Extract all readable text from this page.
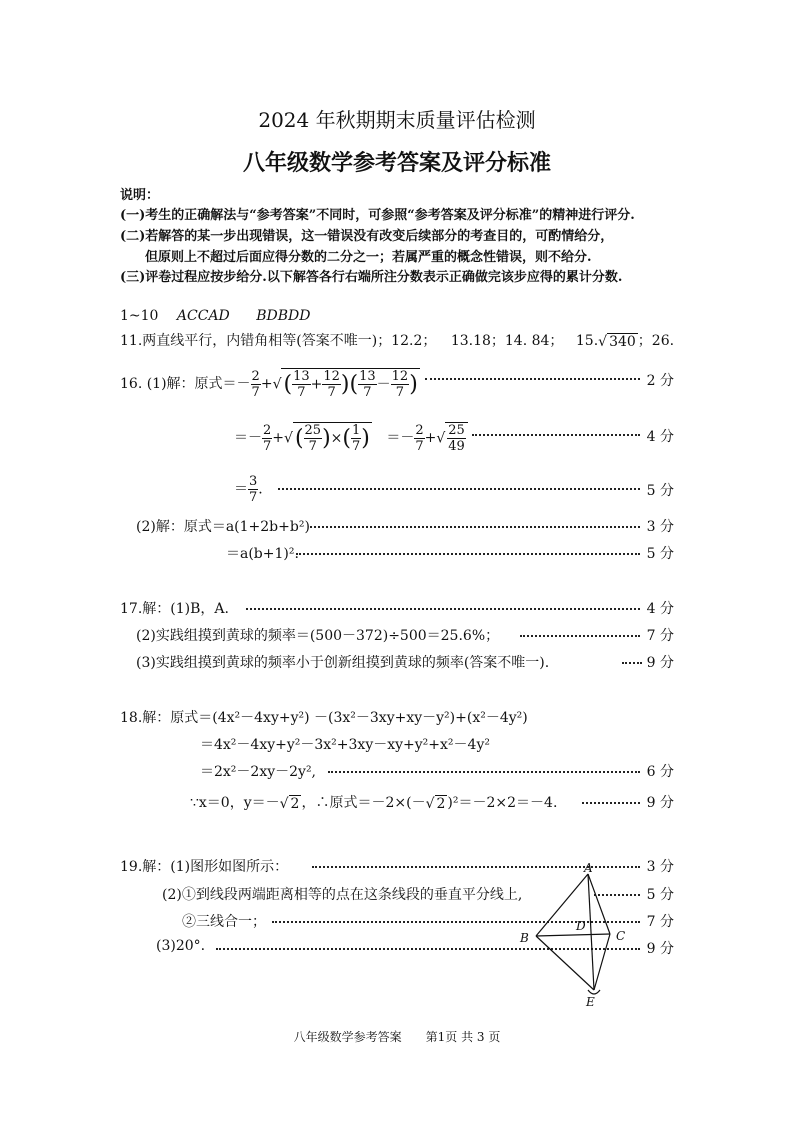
2024 年秋期期末质量评估检测
八年级数学参考答案及评分标准
说明：
(一)考生的正确解法与“参考答案”不同时，可参照“参考答案及评分标准”的精神进行评分.
(二)若解答的某一步出现错误，这一错误没有改变后续部分的考查目的，可酌情给分，
但原则上不超过后面应得分数的二分之一；若属严重的概念性错误，则不给分.
(三)评卷过程应按步给分.以下解答各行右端所注分数表示正确做完该步应得的累计分数.
1~10 ACCAD BDBDD
11.两直线平行，内错角相等(答案不唯一)；12.2； 13.18；14. 84； 15.√ 340 ；26.
16. (1)解：原式＝－ $\frac{2}{7}$ +√( $\frac{13}{7} + \frac{12}{7}$ )( $\frac{13}{7} - \frac{12}{7}$ )	2 分
＝－ $\frac{2}{7}$ +√( $\frac{25}{7}$ )×( $\frac{1}{7}$ ) ＝－ $\frac{2}{7}$ +√ $\frac{25}{49}$	4 分
＝ $\frac{3}{7}$ .	5 分
(2)解：原式＝a(1+2b+b²)	3 分
＝a(b+1)².	5 分
17.解：(1)B，A.	4 分
(2)实践组摸到黄球的频率＝(500－372)÷500＝25.6%；	7 分
(3)实践组摸到黄球的频率小于创新组摸到黄球的频率(答案不唯一).	9 分
18.解：原式＝(4x²－4xy+y²) －(3x²－3xy+xy－y²)+(x²－4y²)
＝4x²－4xy+y²－3x²+3xy－xy+y²+x²－4y²
＝2x²－2xy－2y²,	6 分
∵x＝0，y＝－√ 2 ，∴原式＝－2×(－√ 2 )²＝－2×2＝－4.	9 分
19.解：(1)图形如图所示：	3 分
(2)①到线段两端距离相等的点在这条线段的垂直平分线上,	5 分
②三线合一；	7 分
(3)20°.	9 分
A
B	C
D
E
八年级数学参考答案　　第1页 共 3 页
